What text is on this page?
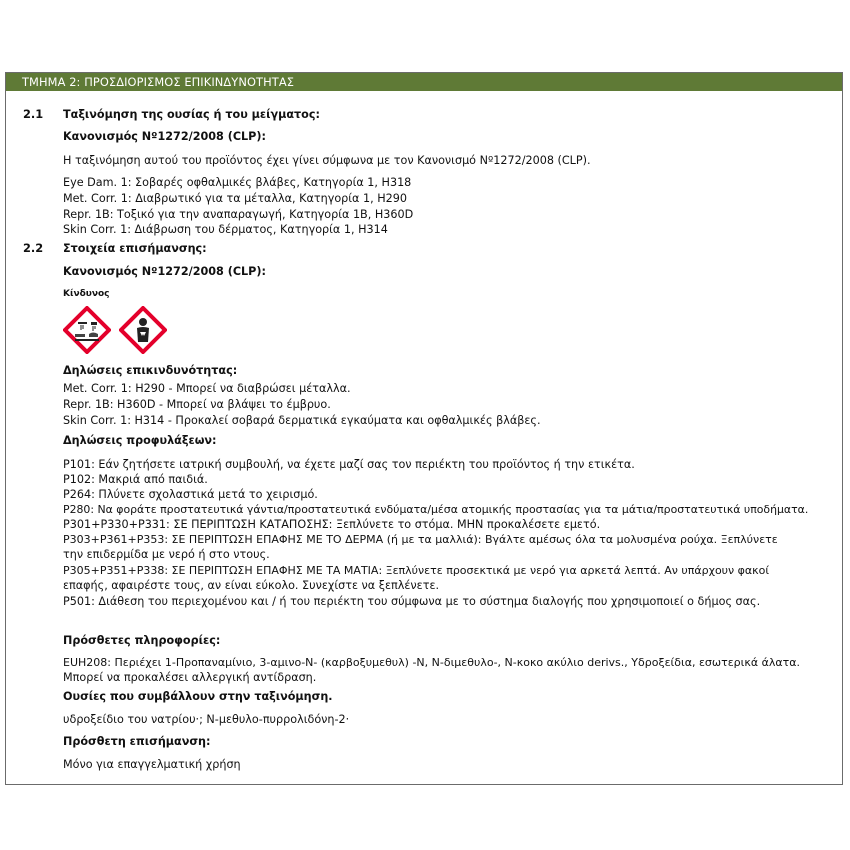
ΤΜΗΜΑ 2: ΠΡΟΣΔΙΟΡΙΣΜΟΣ ΕΠΙΚΙΝΔΥΝΟΤΗΤΑΣ
2.1 Ταξινόμηση της ουσίας ή του μείγματος:
Κανονισμός Nº1272/2008 (CLP):
Η ταξινόμηση αυτού του προϊόντος έχει γίνει σύμφωνα με τον Κανονισμό Nº1272/2008 (CLP).
Eye Dam. 1: Σοβαρές οφθαλμικές βλάβες, Κατηγορία 1, H318
Met. Corr. 1: Διαβρωτικό για τα μέταλλα, Κατηγορία 1, H290
Repr. 1B: Τοξικό για την αναπαραγωγή, Κατηγορία 1B, H360D
Skin Corr. 1: Διάβρωση του δέρματος, Κατηγορία 1, H314
2.2 Στοιχεία επισήμανσης:
Κανονισμός Nº1272/2008 (CLP):
Κίνδυνος
Δηλώσεις επικινδυνότητας:
Met. Corr. 1: H290 - Μπορεί να διαβρώσει μέταλλα.
Repr. 1B: H360D - Μπορεί να βλάψει το έμβρυο.
Skin Corr. 1: H314 - Προκαλεί σοβαρά δερματικά εγκαύματα και οφθαλμικές βλάβες.
Δηλώσεις προφυλάξεων:
P101: Εάν ζητήσετε ιατρική συμβουλή, να έχετε μαζί σας τον περιέκτη του προϊόντος ή την ετικέτα.
P102: Μακριά από παιδιά.
P264: Πλύνετε σχολαστικά μετά το χειρισμό.
P280: Να φοράτε προστατευτικά γάντια/προστατευτικά ενδύματα/μέσα ατομικής προστασίας για τα μάτια/προστατευτικά υποδήματα.
P301+P330+P331: ΣΕ ΠΕΡΙΠΤΩΣΗ ΚΑΤΑΠΟΣΗΣ: Ξεπλύνετε το στόμα. ΜΗΝ προκαλέσετε εμετό.
P303+P361+P353: ΣΕ ΠΕΡΙΠΤΩΣΗ ΕΠΑΦΗΣ ΜΕ ΤΟ ΔΕΡΜΑ (ή με τα μαλλιά): Βγάλτε αμέσως όλα τα μολυσμένα ρούχα. Ξεπλύνετε
την επιδερμίδα με νερό ή στο ντους.
P305+P351+P338: ΣΕ ΠΕΡΙΠΤΩΣΗ ΕΠΑΦΗΣ ΜΕ ΤΑ ΜΑΤΙΑ: Ξεπλύνετε προσεκτικά με νερό για αρκετά λεπτά. Αν υπάρχουν φακοί
επαφής, αφαιρέστε τους, αν είναι εύκολο. Συνεχίστε να ξεπλένετε.
P501: Διάθεση του περιεχομένου και / ή του περιέκτη του σύμφωνα με το σύστημα διαλογής που χρησιμοποιεί ο δήμος σας.
Πρόσθετες πληροφορίες:
EUH208: Περιέχει 1-Προπαναμίνιο, 3-αμινο-N- (καρβοξυμεθυλ) -N, N-διμεθυλο-, N-κοκο ακύλιο derivs., Υδροξείδια, εσωτερικά άλατα.
Μπορεί να προκαλέσει αλλεργική αντίδραση.
Ουσίες που συμβάλλουν στην ταξινόμηση.
υδροξείδιο του νατρίου·; N-μεθυλο-πυρρολιδόνη-2·
Πρόσθετη επισήμανση:
Μόνο για επαγγελματική χρήση
